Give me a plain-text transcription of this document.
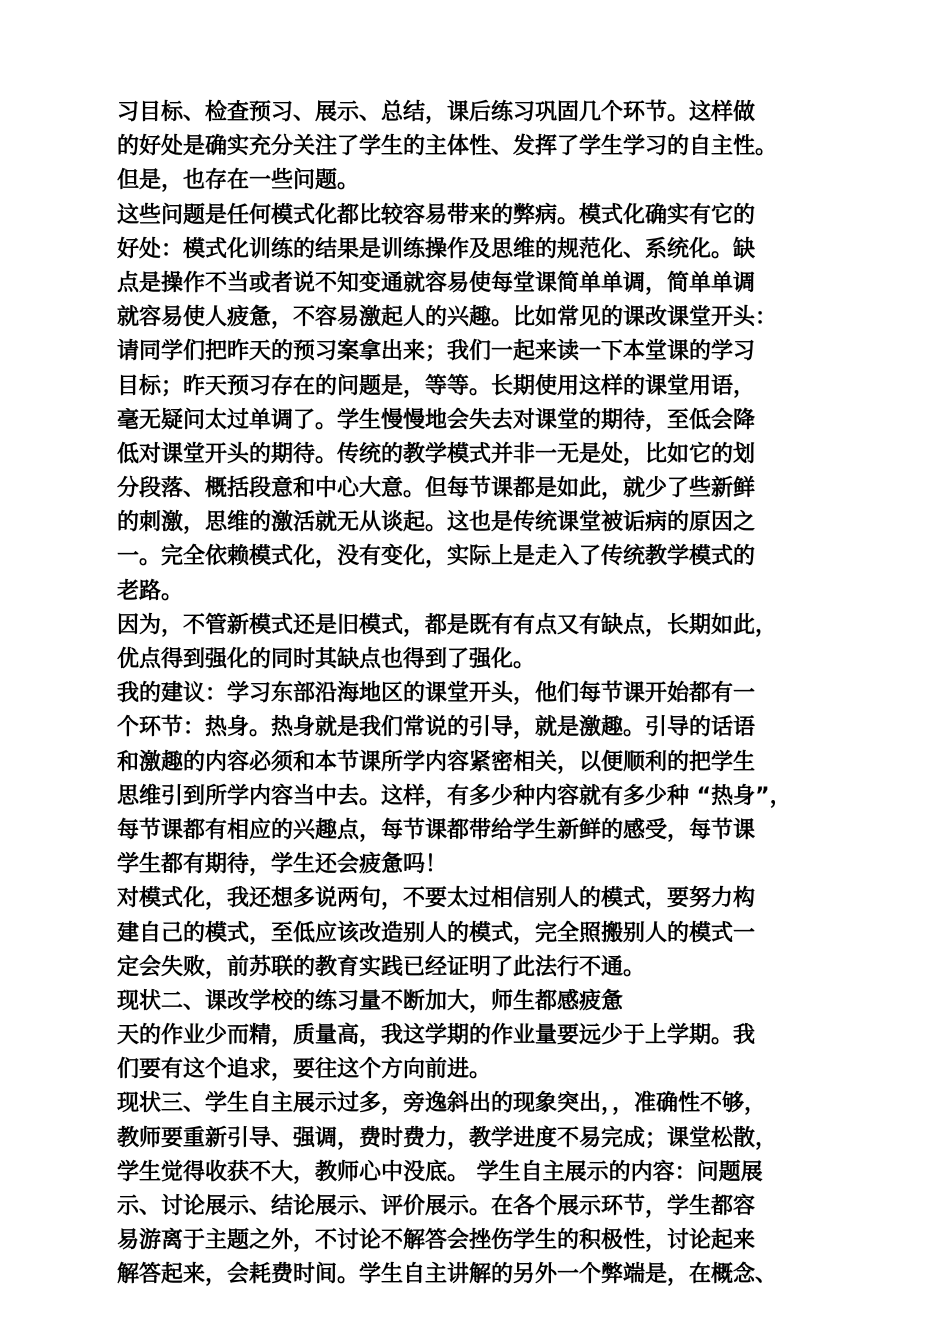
习目标、检查预习、展示、总结，课后练习巩固几个环节。这样做
的好处是确实充分关注了学生的主体性、发挥了学生学习的自主性。
但是，也存在一些问题。
这些问题是任何模式化都比较容易带来的弊病。模式化确实有它的
好处：模式化训练的结果是训练操作及思维的规范化、系统化。缺
点是操作不当或者说不知变通就容易使每堂课简单单调，简单单调
就容易使人疲惫，不容易激起人的兴趣。比如常见的课改课堂开头：
请同学们把昨天的预习案拿出来；我们一起来读一下本堂课的学习
目标；昨天预习存在的问题是，等等。长期使用这样的课堂用语，
毫无疑问太过单调了。学生慢慢地会失去对课堂的期待，至低会降
低对课堂开头的期待。传统的教学模式并非一无是处，比如它的划
分段落、概括段意和中心大意。但每节课都是如此，就少了些新鲜
的刺激，思维的激活就无从谈起。这也是传统课堂被诟病的原因之
一。完全依赖模式化，没有变化，实际上是走入了传统教学模式的
老路。
因为，不管新模式还是旧模式，都是既有有点又有缺点，长期如此，
优点得到强化的同时其缺点也得到了强化。
我的建议：学习东部沿海地区的课堂开头，他们每节课开始都有一
个环节：热身。热身就是我们常说的引导，就是激趣。引导的话语
和激趣的内容必须和本节课所学内容紧密相关，以便顺利的把学生
思维引到所学内容当中去。这样，有多少种内容就有多少种 “热身”，
每节课都有相应的兴趣点，每节课都带给学生新鲜的感受，每节课
学生都有期待，学生还会疲惫吗！
对模式化，我还想多说两句，不要太过相信别人的模式，要努力构
建自己的模式，至低应该改造别人的模式，完全照搬别人的模式一
定会失败，前苏联的教育实践已经证明了此法行不通。
现状二、课改学校的练习量不断加大，师生都感疲惫
天的作业少而精，质量高，我这学期的作业量要远少于上学期。我
们要有这个追求，要往这个方向前进。
现状三、学生自主展示过多，旁逸斜出的现象突出，，准确性不够，
教师要重新引导、强调，费时费力，教学进度不易完成；课堂松散，
学生觉得收获不大，教师心中没底。 学生自主展示的内容：问题展
示、讨论展示、结论展示、评价展示。在各个展示环节，学生都容
易游离于主题之外，不讨论不解答会挫伤学生的积极性，讨论起来
解答起来，会耗费时间。学生自主讲解的另外一个弊端是，在概念、
